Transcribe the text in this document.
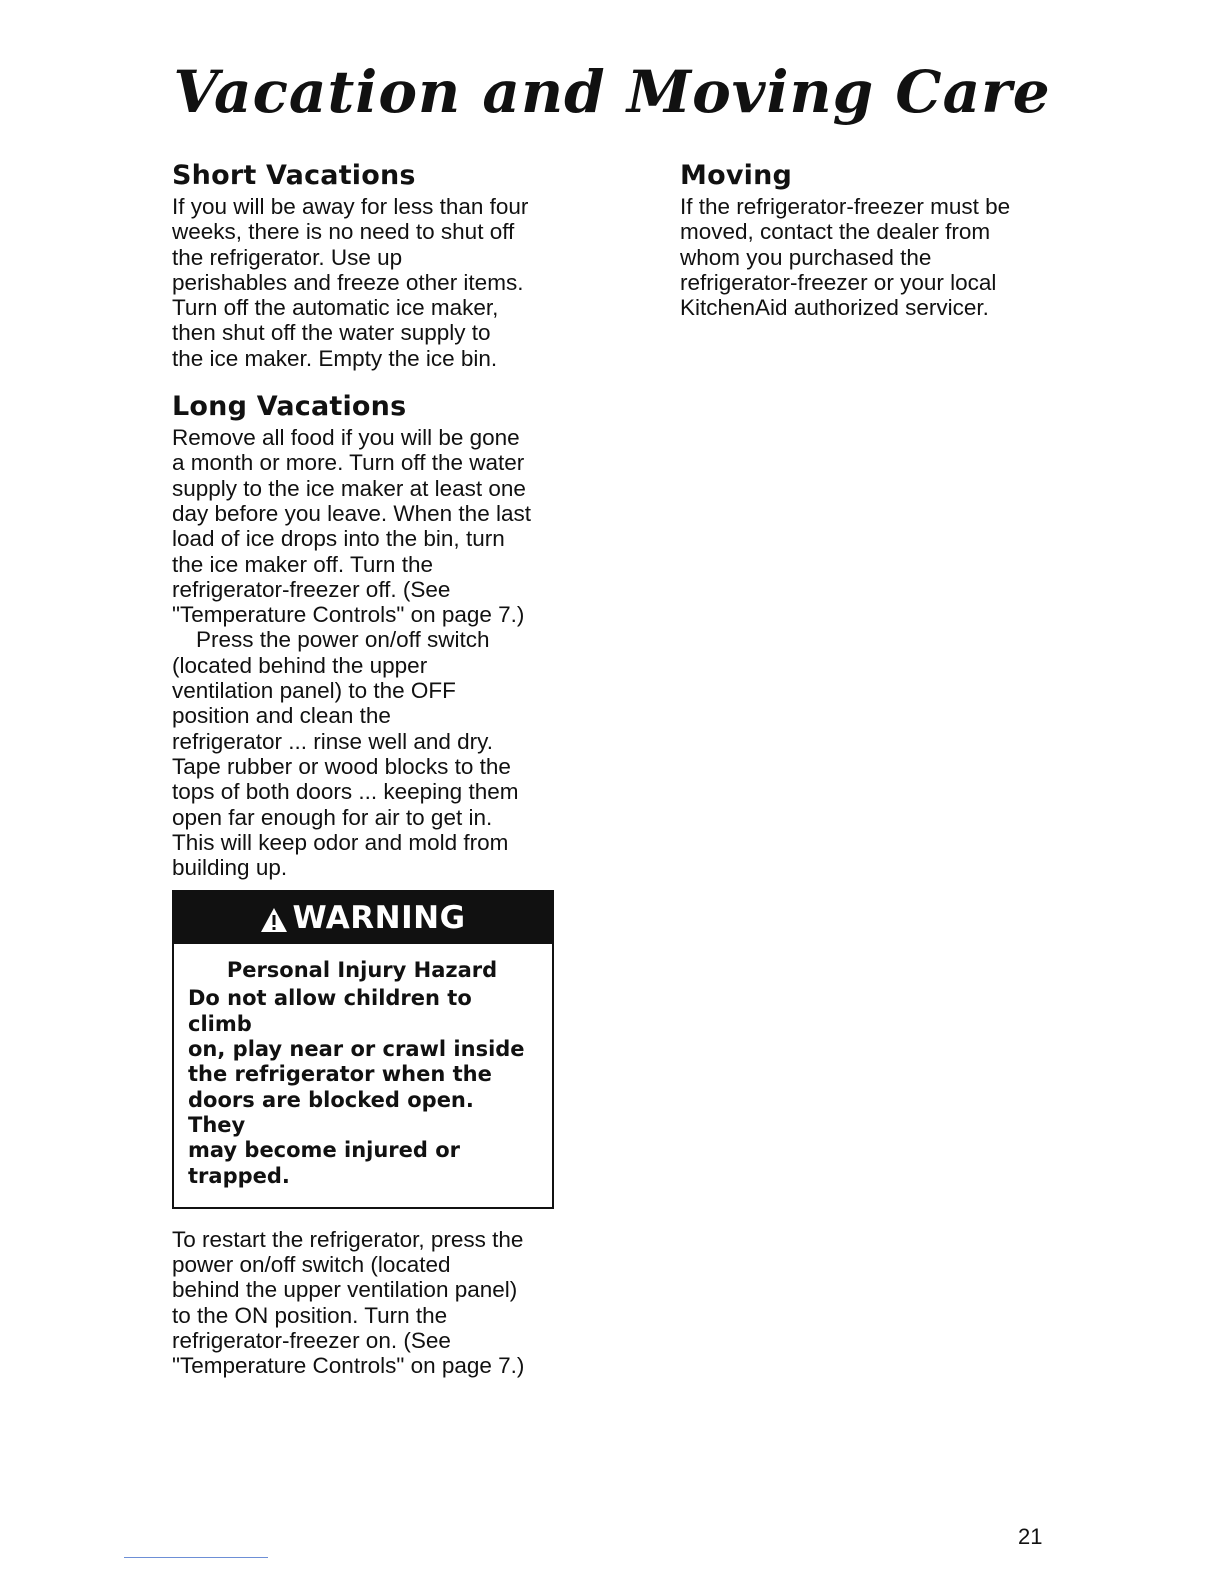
Vacation and Moving Care
Short Vacations

If you will be away for less than four
weeks, there is no need to shut off
the refrigerator. Use up
perishables and freeze other items.
Turn off the automatic ice maker,
then shut off the water supply to
the ice maker. Empty the ice bin.

Long Vacations

Remove all food if you will be gone
a month or more. Turn off the water
supply to the ice maker at least one
day before you leave. When the last
load of ice drops into the bin, turn
the ice maker off. Turn the
refrigerator-freezer off. (See
"Temperature Controls" on page 7.)

Press the power on/off switch
(located behind the upper
ventilation panel) to the OFF
position and clean the
refrigerator ... rinse well and dry.
Tape rubber or wood blocks to the
tops of both doors ... keeping them
open far enough for air to get in.
This will keep odor and mold from
building up.

WARNING

Personal Injury Hazard

Do not allow children to climb
on, play near or crawl inside
the refrigerator when the
doors are blocked open. They
may become injured or
trapped.

To restart the refrigerator, press the
power on/off switch (located
behind the upper ventilation panel)
to the ON position. Turn the
refrigerator-freezer on. (See
"Temperature Controls" on page 7.)

Moving

If the refrigerator-freezer must be
moved, contact the dealer from
whom you purchased the
refrigerator-freezer or your local
KitchenAid authorized servicer.

21
